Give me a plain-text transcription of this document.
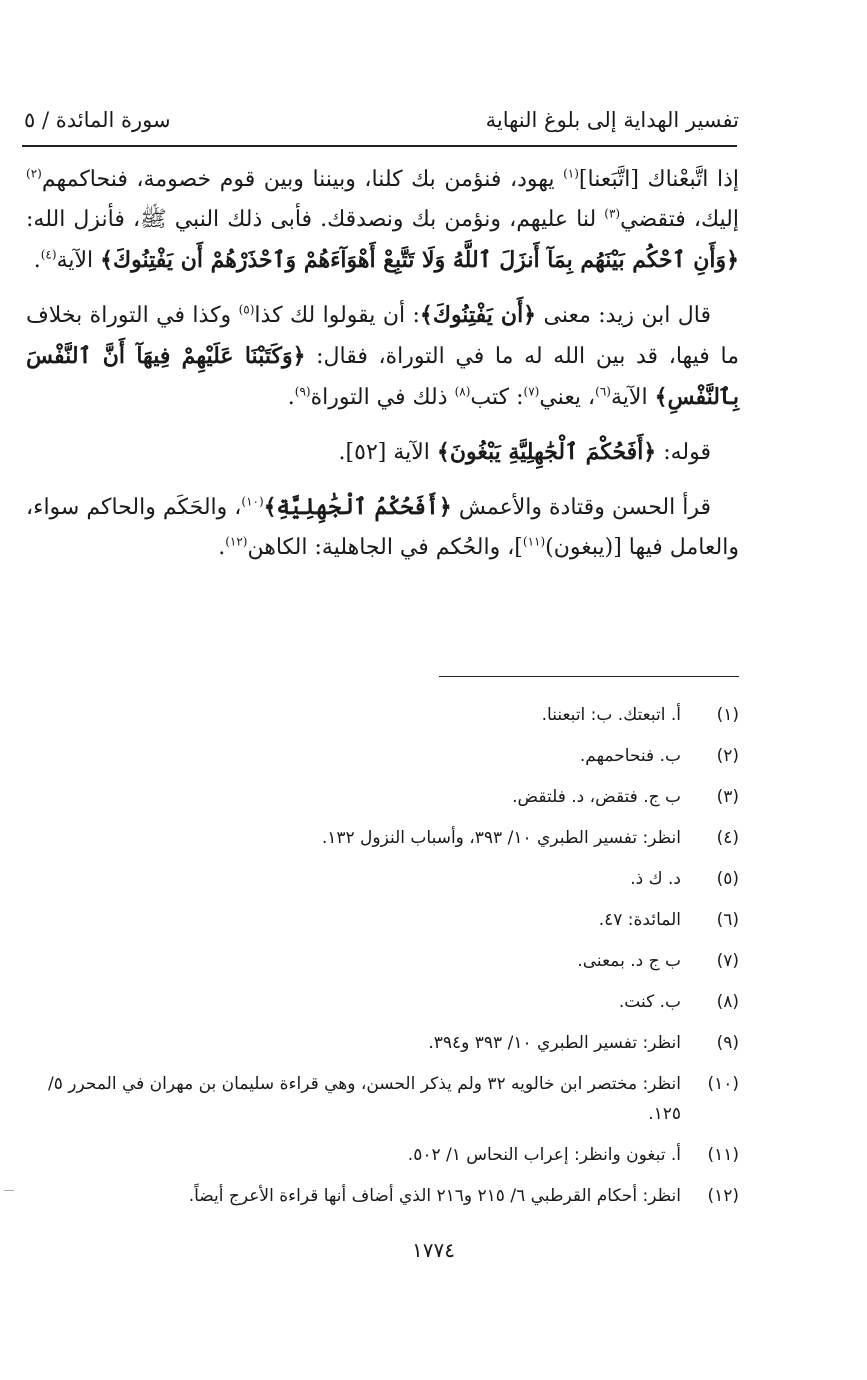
تفسير الهداية إلى بلوغ النهاية
سورة المائدة / ٥

إذا اتَّبعْناك [اتَّبَعنا]$^{(١)}$ يهود، فنؤمن بك كلنا، وبيننا وبين قوم خصومة، فنحاكمهم$^{(٢)}$ إليك، فتقضي$^{(٣)}$ لنا عليهم، ونؤمن بك ونصدقك. فأبى ذلك النبي ﷺ، فأنزل الله: ﴿وَأَنِ ٱحْكُم بَيْنَهُم بِمَآ أَنزَلَ ٱللَّهُ وَلَا تَتَّبِعْ أَهْوَآءَهُمْ وَٱحْذَرْهُمْ أَن يَفْتِنُوكَ﴾ الآية$^{(٤)}$.

قال ابن زيد: معنى ﴿أَن يَفْتِنُوكَ﴾: أن يقولوا لك كذا$^{(٥)}$ وكذا في التوراة بخلاف ما فيها، قد بين الله له ما في التوراة، فقال: ﴿وَكَتَبْنَا عَلَيْهِمْ فِيهَآ أَنَّ ٱلنَّفْسَ بِٱلنَّفْسِ﴾ الآية$^{(٦)}$، يعني$^{(٧)}$: كتب$^{(٨)}$ ذلك في التوراة$^{(٩)}$.

قوله: ﴿أَفَحُكْمَ ٱلْجَٰهِلِيَّةِ يَبْغُونَ﴾ الآية [٥٢].

قرأ الحسن وقتادة والأعمش ﴿أَفَحُكْمُ ٱلْجَٰهِلِيَّةِ﴾$^{(١٠)}$، والحَكَم والحاكم سواء، والعامل فيها [(يبغون)$^{(١١)}$]، والحُكم في الجاهلية: الكاهن$^{(١٢)}$.

(١)
أ. اتبعتك. ب: اتبعننا.
(٢)
ب. فنحاحمهم.
(٣)
ب ج. فتقض، د. فلتقض.
(٤)
انظر: تفسير الطبري ١٠/ ٣٩٣، وأسباب النزول ١٣٢.
(٥)
د. ك ذ.
(٦)
المائدة: ٤٧.
(٧)
ب ج د. بمعنى.
(٨)
ب. كنت.
(٩)
انظر: تفسير الطبري ١٠/ ٣٩٣ و٣٩٤.
(١٠)
انظر: مختصر ابن خالويه ٣٢ ولم يذكر الحسن، وهي قراءة سليمان بن مهران في المحرر ٥/ ١٢٥.
(١١)
أ. تبغون وانظر: إعراب النحاس ١/ ٥٠٢.
(١٢)
انظر: أحكام القرطبي ٦/ ٢١٥ و٢١٦ الذي أضاف أنها قراءة الأعرج أيضاً.
١٧٧٤
